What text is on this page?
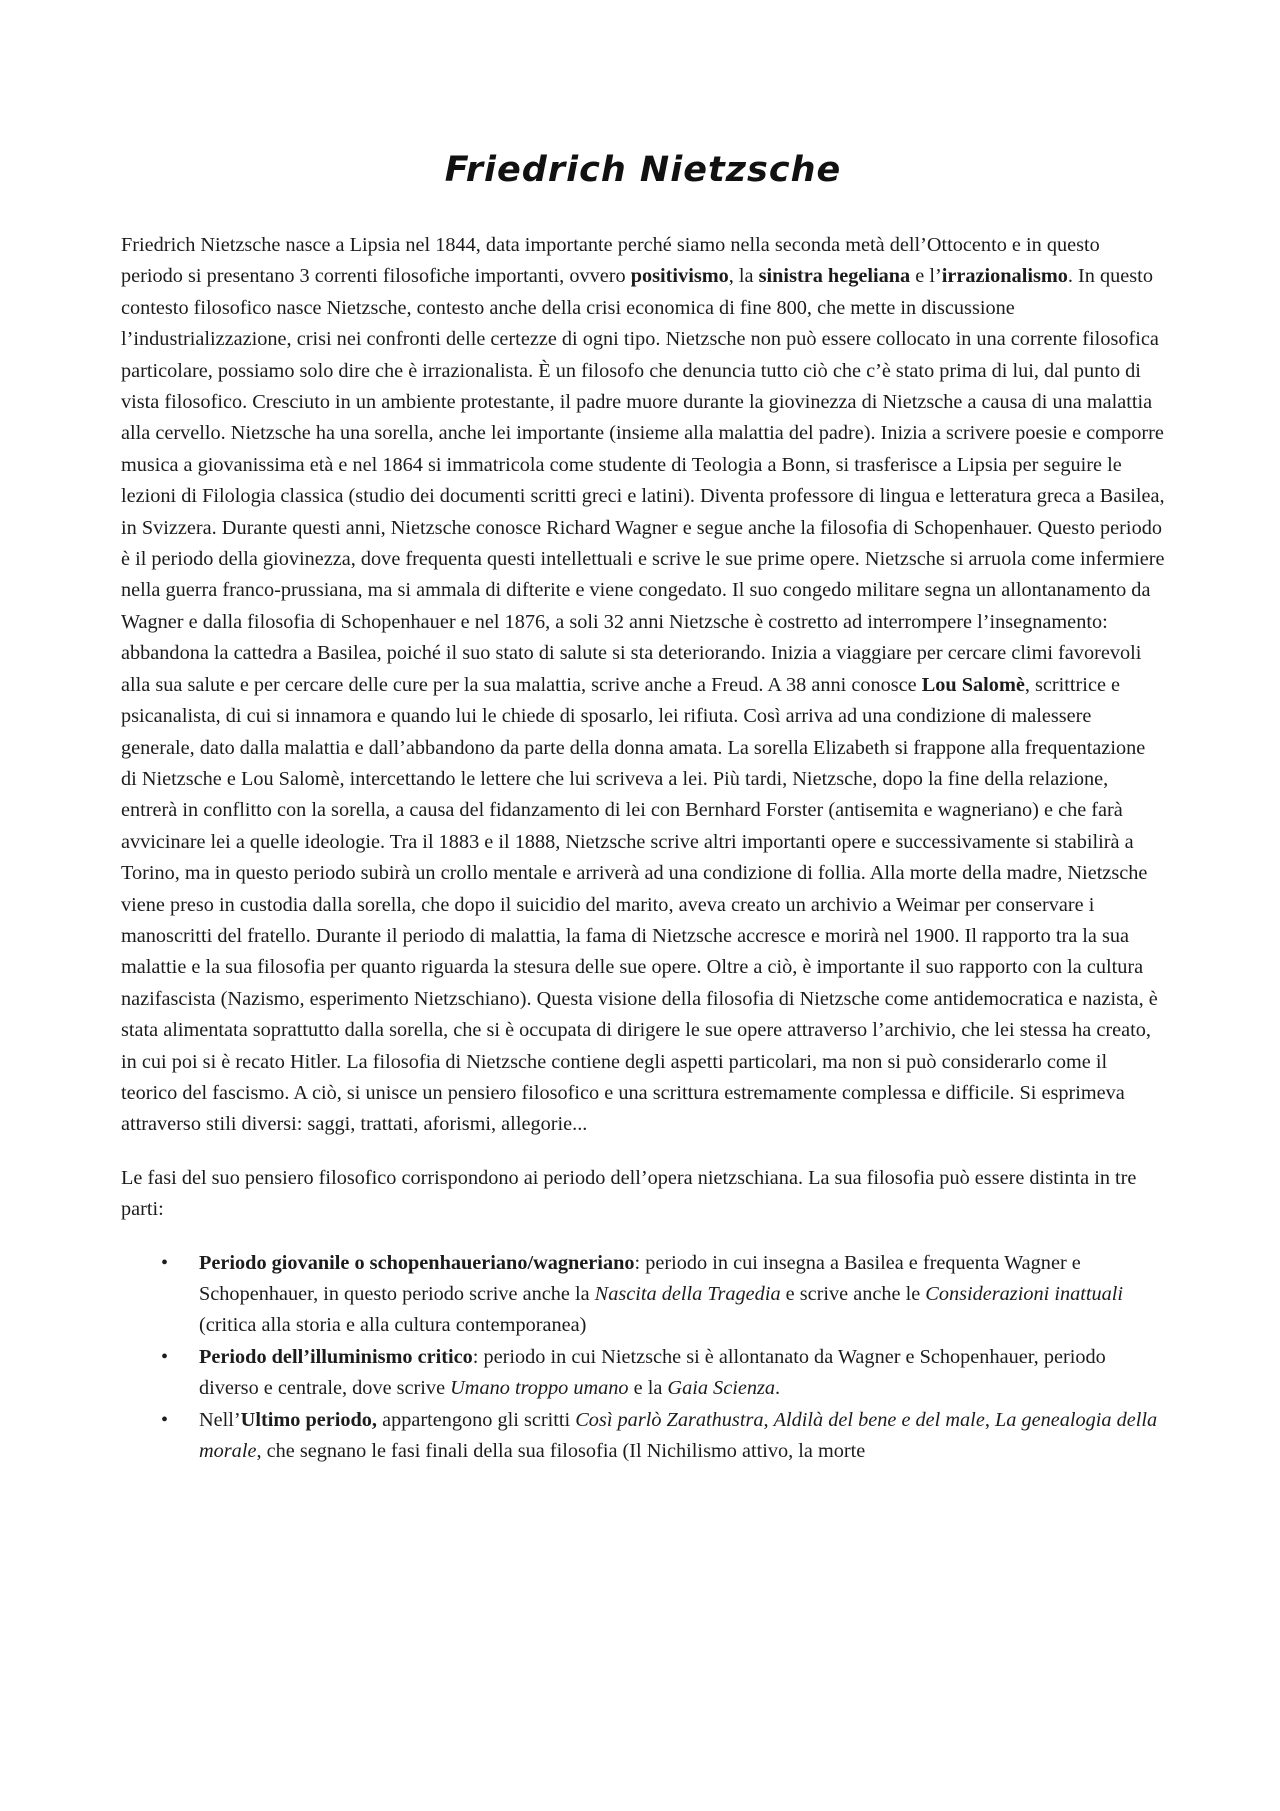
Friedrich Nietzsche

Friedrich Nietzsche nasce a Lipsia nel 1844, data importante perché siamo nella seconda metà dell’Ottocento e in questo periodo si presentano 3 correnti filosofiche importanti, ovvero positivismo, la sinistra hegeliana e l’irrazionalismo. In questo contesto filosofico nasce Nietzsche, contesto anche della crisi economica di fine 800, che mette in discussione l’industrializzazione, crisi nei confronti delle certezze di ogni tipo. Nietzsche non può essere collocato in una corrente filosofica particolare, possiamo solo dire che è irrazionalista. È un filosofo che denuncia tutto ciò che c’è stato prima di lui, dal punto di vista filosofico. Cresciuto in un ambiente protestante, il padre muore durante la giovinezza di Nietzsche a causa di una malattia alla cervello. Nietzsche ha una sorella, anche lei importante (insieme alla malattia del padre). Inizia a scrivere poesie e comporre musica a giovanissima età e nel 1864 si immatricola come studente di Teologia a Bonn, si trasferisce a Lipsia per seguire le lezioni di Filologia classica (studio dei documenti scritti greci e latini). Diventa professore di lingua e letteratura greca a Basilea, in Svizzera. Durante questi anni, Nietzsche conosce Richard Wagner e segue anche la filosofia di Schopenhauer. Questo periodo è il periodo della giovinezza, dove frequenta questi intellettuali e scrive le sue prime opere. Nietzsche si arruola come infermiere nella guerra franco-prussiana, ma si ammala di difterite e viene congedato. Il suo congedo militare segna un allontanamento da Wagner e dalla filosofia di Schopenhauer e nel 1876, a soli 32 anni Nietzsche è costretto ad interrompere l’insegnamento: abbandona la cattedra a Basilea, poiché il suo stato di salute si sta deteriorando. Inizia a viaggiare per cercare climi favorevoli alla sua salute e per cercare delle cure per la sua malattia, scrive anche a Freud. A 38 anni conosce Lou Salomè, scrittrice e psicanalista, di cui si innamora e quando lui le chiede di sposarlo, lei rifiuta. Così arriva ad una condizione di malessere generale, dato dalla malattia e dall’abbandono da parte della donna amata. La sorella Elizabeth si frappone alla frequentazione di Nietzsche e Lou Salomè, intercettando le lettere che lui scriveva a lei. Più tardi, Nietzsche, dopo la fine della relazione, entrerà in conflitto con la sorella, a causa del fidanzamento di lei con Bernhard Forster (antisemita e wagneriano) e che farà avvicinare lei a quelle ideologie. Tra il 1883 e il 1888, Nietzsche scrive altri importanti opere e successivamente si stabilirà a Torino, ma in questo periodo subirà un crollo mentale e arriverà ad una condizione di follia. Alla morte della madre, Nietzsche viene preso in custodia dalla sorella, che dopo il suicidio del marito, aveva creato un archivio a Weimar per conservare i manoscritti del fratello. Durante il periodo di malattia, la fama di Nietzsche accresce e morirà nel 1900. Il rapporto tra la sua malattie e la sua filosofia per quanto riguarda la stesura delle sue opere. Oltre a ciò, è importante il suo rapporto con la cultura nazifascista (Nazismo, esperimento Nietzschiano). Questa visione della filosofia di Nietzsche come antidemocratica e nazista, è stata alimentata soprattutto dalla sorella, che si è occupata di dirigere le sue opere attraverso l’archivio, che lei stessa ha creato, in cui poi si è recato Hitler. La filosofia di Nietzsche contiene degli aspetti particolari, ma non si può considerarlo come il teorico del fascismo. A ciò, si unisce un pensiero filosofico e una scrittura estremamente complessa e difficile. Si esprimeva attraverso stili diversi: saggi, trattati, aforismi, allegorie...

Le fasi del suo pensiero filosofico corrispondono ai periodo dell’opera nietzschiana. La sua filosofia può essere distinta in tre parti:

• Periodo giovanile o schopenhaueriano/wagneriano: periodo in cui insegna a Basilea e frequenta Wagner e Schopenhauer, in questo periodo scrive anche la Nascita della Tragedia e scrive anche le Considerazioni inattuali (critica alla storia e alla cultura contemporanea)
• Periodo dell’illuminismo critico: periodo in cui Nietzsche si è allontanato da Wagner e Schopenhauer, periodo diverso e centrale, dove scrive Umano troppo umano e la Gaia Scienza.
• Nell’Ultimo periodo, appartengono gli scritti Così parlò Zarathustra, Aldilà del bene e del male, La genealogia della morale, che segnano le fasi finali della sua filosofia (Il Nichilismo attivo, la morte
